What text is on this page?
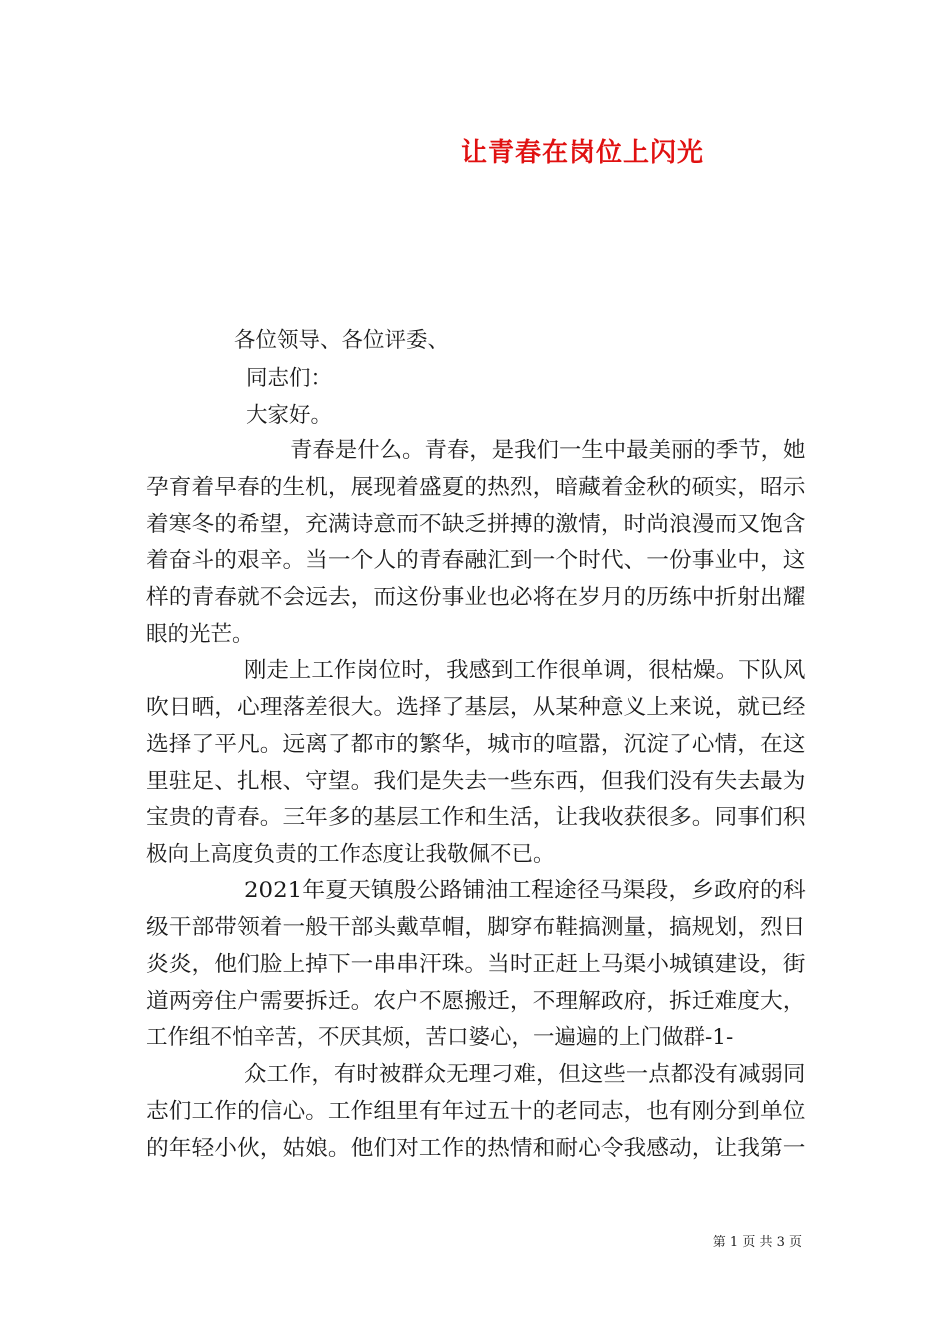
让青春在岗位上闪光
各位领导、各位评委、
同志们：
大家好。
青春是什么。青春，是我们一生中最美丽的季节，她
孕育着早春的生机，展现着盛夏的热烈，暗藏着金秋的硕实，昭示
着寒冬的希望，充满诗意而不缺乏拼搏的激情，时尚浪漫而又饱含
着奋斗的艰辛。当一个人的青春融汇到一个时代、一份事业中，这
样的青春就不会远去，而这份事业也必将在岁月的历练中折射出耀
眼的光芒。
刚走上工作岗位时，我感到工作很单调，很枯燥。下队风
吹日晒，心理落差很大。选择了基层，从某种意义上来说，就已经
选择了平凡。远离了都市的繁华，城市的喧嚣，沉淀了心情，在这
里驻足、扎根、守望。我们是失去一些东西，但我们没有失去最为
宝贵的青春。三年多的基层工作和生活，让我收获很多。同事们积
极向上高度负责的工作态度让我敬佩不已。
2021年夏天镇殷公路铺油工程途径马渠段，乡政府的科
级干部带领着一般干部头戴草帽，脚穿布鞋搞测量，搞规划，烈日
炎炎，他们脸上掉下一串串汗珠。当时正赶上马渠小城镇建设，街
道两旁住户需要拆迁。农户不愿搬迁，不理解政府，拆迁难度大，
工作组不怕辛苦，不厌其烦，苦口婆心，一遍遍的上门做群-1-
众工作，有时被群众无理刁难，但这些一点都没有减弱同
志们工作的信心。工作组里有年过五十的老同志，也有刚分到单位
的年轻小伙，姑娘。他们对工作的热情和耐心令我感动，让我第一
第 1 页 共 3 页
